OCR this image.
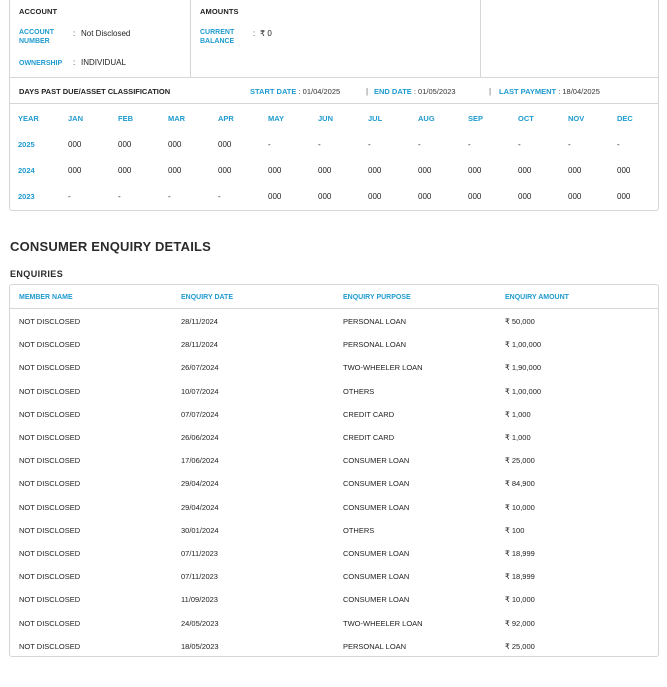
ACCOUNT
ACCOUNT NUMBER
: Not Disclosed
OWNERSHIP : INDIVIDUAL
AMOUNTS
CURRENT BALANCE
: ₹ 0
DAYS PAST DUE/ASSET CLASSIFICATION	START DATE : 01/04/2025	| END DATE : 01/05/2023	| LAST PAYMENT : 18/04/2025
YEAR	JAN	FEB	MAR	APR	MAY	JUN	JUL	AUG	SEP	OCT	NOV	DEC
2025	000	000	000	000	-	-	-	-	-	-	-	-
2024	000	000	000	000	000	000	000	000	000	000	000	000
2023	-	-	-	-	000	000	000	000	000	000	000	000
CONSUMER ENQUIRY DETAILS
ENQUIRIES
MEMBER NAME	ENQUIRY DATE	ENQUIRY PURPOSE	ENQUIRY AMOUNT
NOT DISCLOSED	28/11/2024	PERSONAL LOAN	₹ 50,000
NOT DISCLOSED	28/11/2024	PERSONAL LOAN	₹ 1,00,000
NOT DISCLOSED	26/07/2024	TWO-WHEELER LOAN	₹ 1,90,000
NOT DISCLOSED	10/07/2024	OTHERS	₹ 1,00,000
NOT DISCLOSED	07/07/2024	CREDIT CARD	₹ 1,000
NOT DISCLOSED	26/06/2024	CREDIT CARD	₹ 1,000
NOT DISCLOSED	17/06/2024	CONSUMER LOAN	₹ 25,000
NOT DISCLOSED	29/04/2024	CONSUMER LOAN	₹ 84,900
NOT DISCLOSED	29/04/2024	CONSUMER LOAN	₹ 10,000
NOT DISCLOSED	30/01/2024	OTHERS	₹ 100
NOT DISCLOSED	07/11/2023	CONSUMER LOAN	₹ 18,999
NOT DISCLOSED	07/11/2023	CONSUMER LOAN	₹ 18,999
NOT DISCLOSED	11/09/2023	CONSUMER LOAN	₹ 10,000
NOT DISCLOSED	24/05/2023	TWO-WHEELER LOAN	₹ 92,000
NOT DISCLOSED	18/05/2023	PERSONAL LOAN	₹ 25,000
